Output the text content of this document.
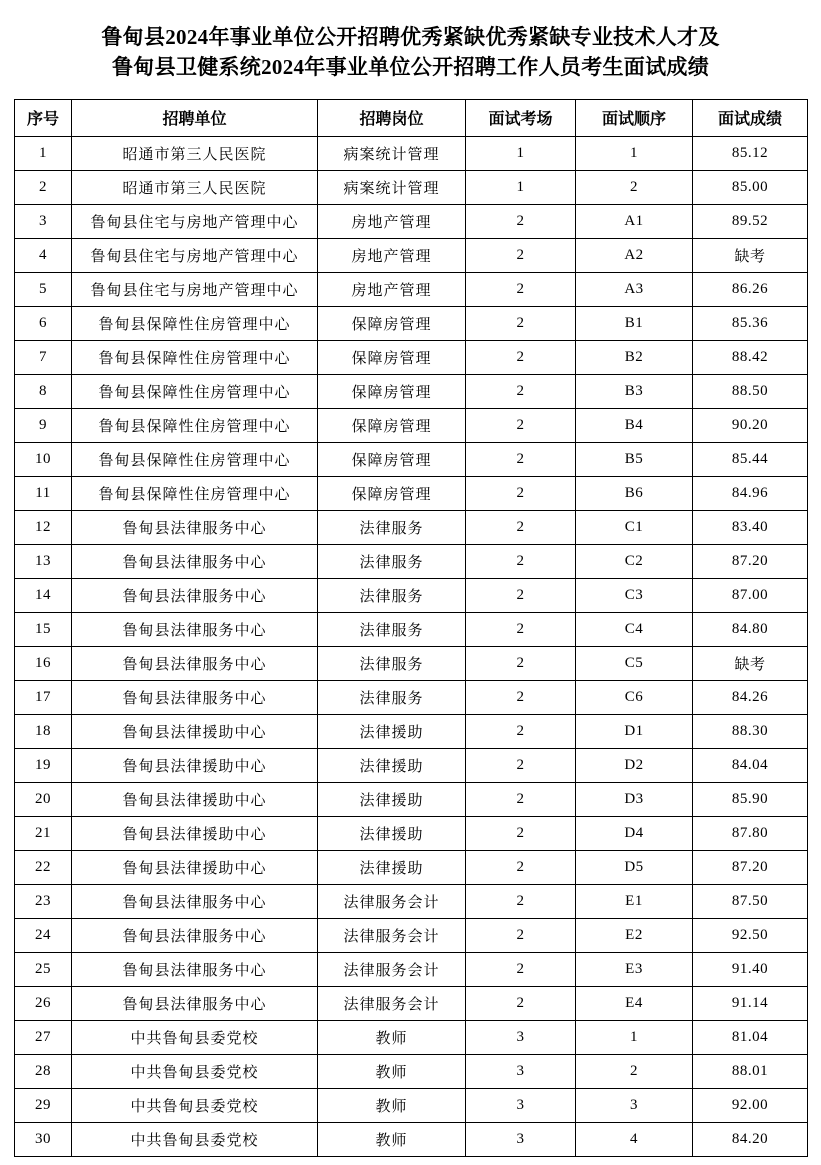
鲁甸县2024年事业单位公开招聘优秀紧缺优秀紧缺专业技术人才及
鲁甸县卫健系统2024年事业单位公开招聘工作人员考生面试成绩
序号	招聘单位	招聘岗位	面试考场	面试顺序	面试成绩
1	昭通市第三人民医院	病案统计管理	1	1	85.12
2	昭通市第三人民医院	病案统计管理	1	2	85.00
3	鲁甸县住宅与房地产管理中心	房地产管理	2	A1	89.52
4	鲁甸县住宅与房地产管理中心	房地产管理	2	A2	缺考
5	鲁甸县住宅与房地产管理中心	房地产管理	2	A3	86.26
6	鲁甸县保障性住房管理中心	保障房管理	2	B1	85.36
7	鲁甸县保障性住房管理中心	保障房管理	2	B2	88.42
8	鲁甸县保障性住房管理中心	保障房管理	2	B3	88.50
9	鲁甸县保障性住房管理中心	保障房管理	2	B4	90.20
10	鲁甸县保障性住房管理中心	保障房管理	2	B5	85.44
11	鲁甸县保障性住房管理中心	保障房管理	2	B6	84.96
12	鲁甸县法律服务中心	法律服务	2	C1	83.40
13	鲁甸县法律服务中心	法律服务	2	C2	87.20
14	鲁甸县法律服务中心	法律服务	2	C3	87.00
15	鲁甸县法律服务中心	法律服务	2	C4	84.80
16	鲁甸县法律服务中心	法律服务	2	C5	缺考
17	鲁甸县法律服务中心	法律服务	2	C6	84.26
18	鲁甸县法律援助中心	法律援助	2	D1	88.30
19	鲁甸县法律援助中心	法律援助	2	D2	84.04
20	鲁甸县法律援助中心	法律援助	2	D3	85.90
21	鲁甸县法律援助中心	法律援助	2	D4	87.80
22	鲁甸县法律援助中心	法律援助	2	D5	87.20
23	鲁甸县法律服务中心	法律服务会计	2	E1	87.50
24	鲁甸县法律服务中心	法律服务会计	2	E2	92.50
25	鲁甸县法律服务中心	法律服务会计	2	E3	91.40
26	鲁甸县法律服务中心	法律服务会计	2	E4	91.14
27	中共鲁甸县委党校	教师	3	1	81.04
28	中共鲁甸县委党校	教师	3	2	88.01
29	中共鲁甸县委党校	教师	3	3	92.00
30	中共鲁甸县委党校	教师	3	4	84.20
